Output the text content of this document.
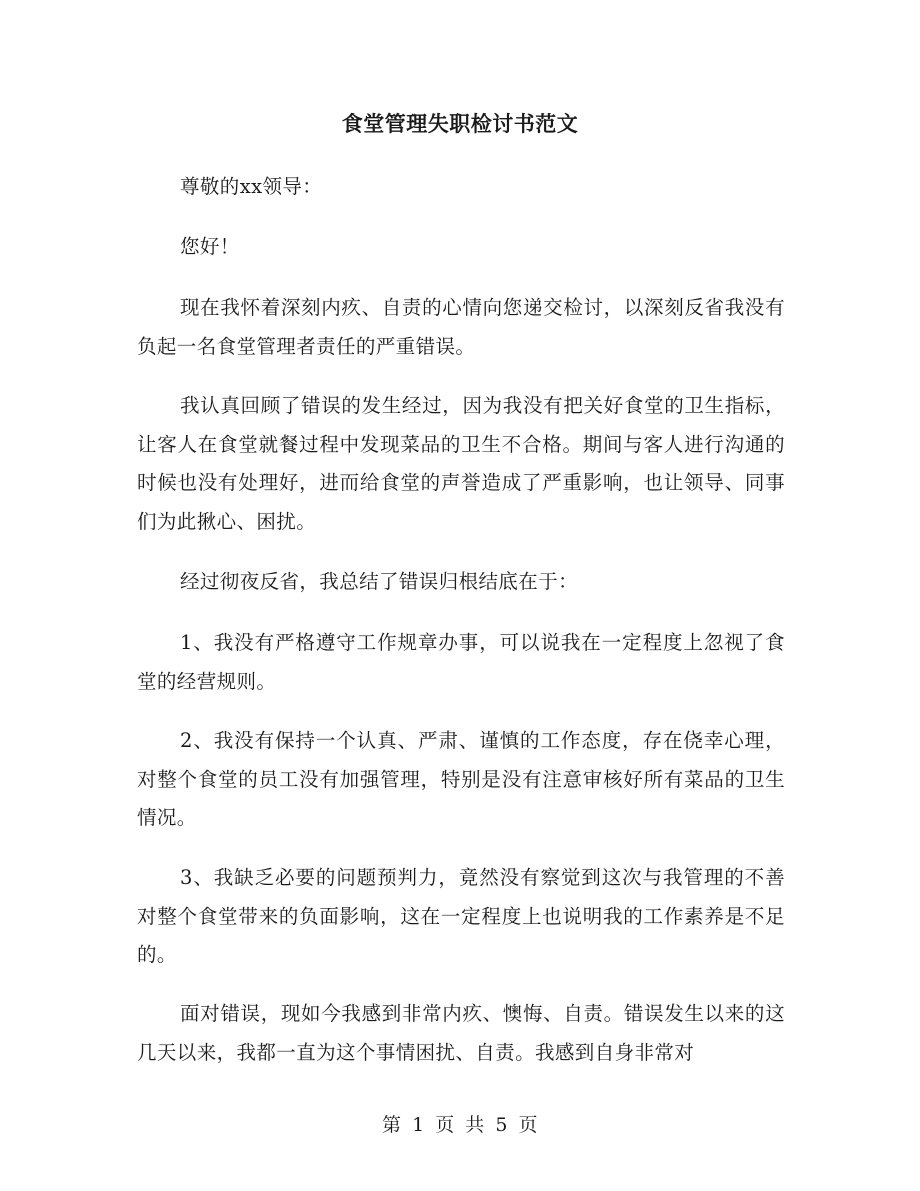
食堂管理失职检讨书范文

尊敬的xx领导：

您好！

现在我怀着深刻内疚、自责的心情向您递交检讨，以深刻反省我没有负起一名食堂管理者责任的严重错误。

我认真回顾了错误的发生经过，因为我没有把关好食堂的卫生指标，让客人在食堂就餐过程中发现菜品的卫生不合格。期间与客人进行沟通的时候也没有处理好，进而给食堂的声誉造成了严重影响，也让领导、同事们为此揪心、困扰。

经过彻夜反省，我总结了错误归根结底在于：

1、我没有严格遵守工作规章办事，可以说我在一定程度上忽视了食堂的经营规则。

2、我没有保持一个认真、严肃、谨慎的工作态度，存在侥幸心理，对整个食堂的员工没有加强管理，特别是没有注意审核好所有菜品的卫生情况。

3、我缺乏必要的问题预判力，竟然没有察觉到这次与我管理的不善对整个食堂带来的负面影响，这在一定程度上也说明我的工作素养是不足的。

面对错误，现如今我感到非常内疚、懊悔、自责。错误发生以来的这几天以来，我都一直为这个事情困扰、自责。我感到自身非常对

第 1 页 共 5 页
